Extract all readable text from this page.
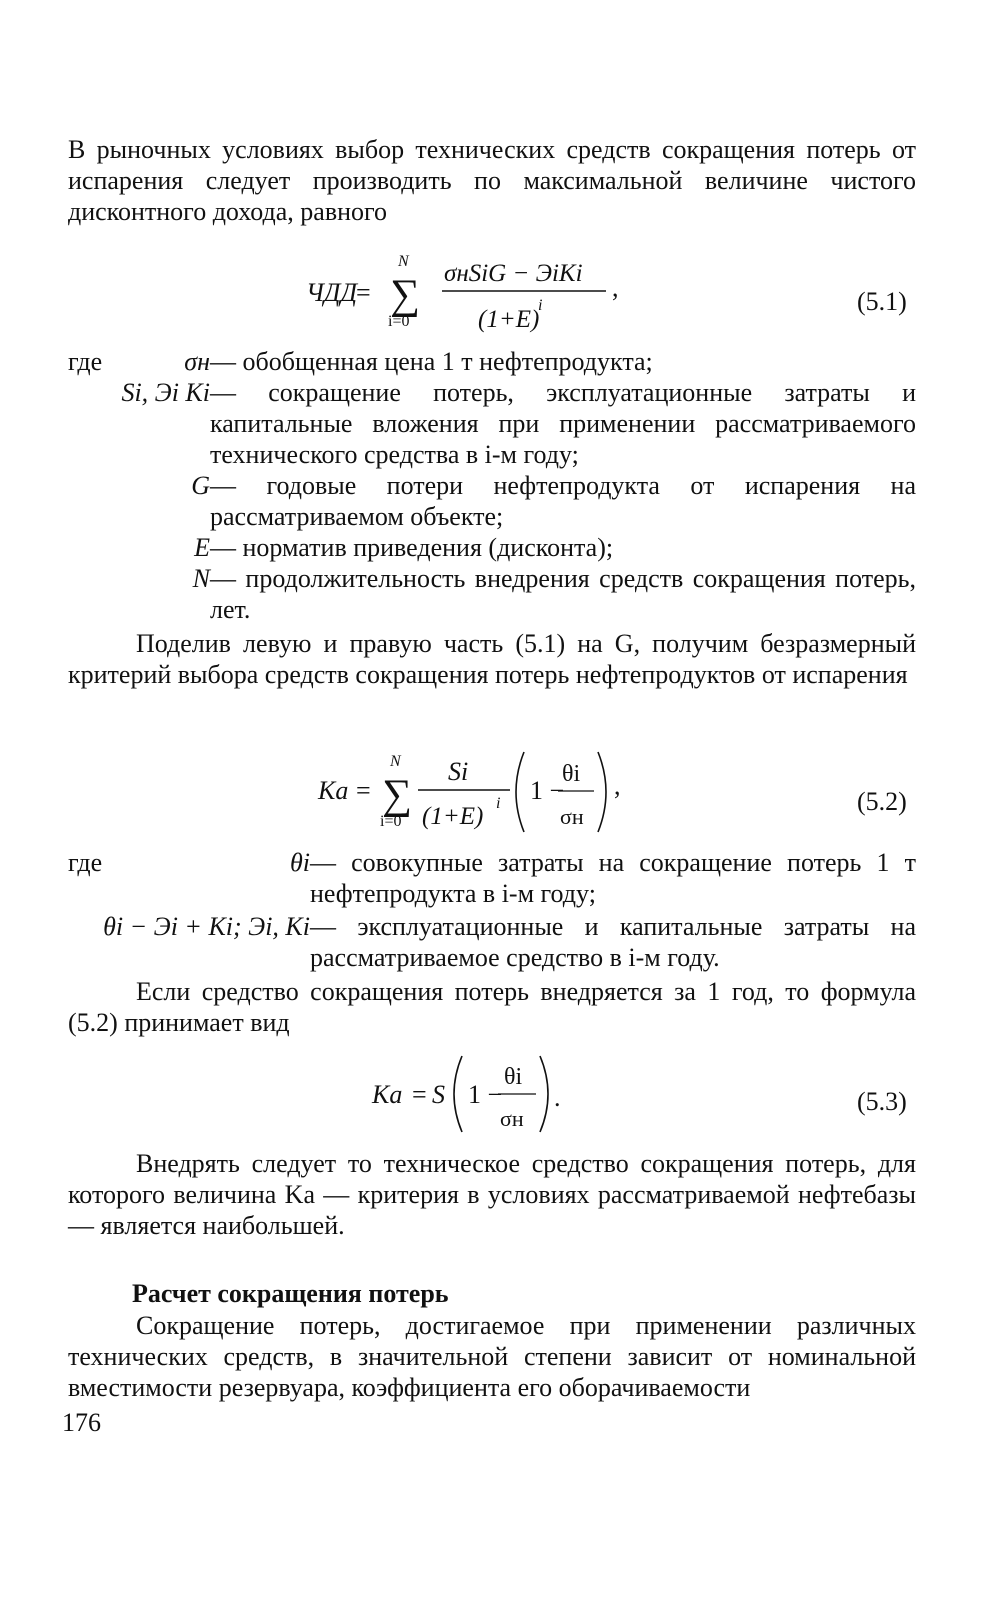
В рыночных условиях выбор технических средств сокращения потерь от испарения следует производить по максимальной величине чистого дисконтного дохода, равного

ЧДД = ∑
N
i=0
σнSiG − ЭiKi
(1+E)
i
,	(5.1)
где	σн — обобщенная цена 1 т нефтепродукта;
Si, Эi Ki — сокращение потерь, эксплуатационные затраты и капитальные вложения при применении рассматриваемого технического средства в i-м году;
G — годовые потери нефтепродукта от испарения на рассматриваемом объекте;
E — норматив приведения (дисконта);
N — продолжительность внедрения средств сокращения потерь, лет.

Поделив левую и правую часть (5.1) на G, получим безразмерный критерий выбора средств сокращения потерь нефтепродуктов от испарения

Ka = ∑
N
i=0
Si
(1+E) i 1 −
θi
σн
,
(5.2)
где	θi — совокупные затраты на сокращение потерь 1 т нефтепродукта в i-м году;
θi − Эi + Ki; Эi, Ki — эксплуатационные и капитальные затраты на рассматриваемое средство в i-м году.

Если средство сокращения потерь внедряется за 1 год, то формула (5.2) принимает вид

Ka = S 1 −
θi
σн
.	(5.3)

Внедрять следует то техническое средство сокращения потерь, для которого величина Ka — критерия в условиях рассматриваемой нефтебазы — является наибольшей.

Расчет сокращения потерь

Сокращение потерь, достигаемое при применении различных технических средств, в значительной степени зависит от номинальной вместимости резервуара, коэффициента его оборачиваемости

176
